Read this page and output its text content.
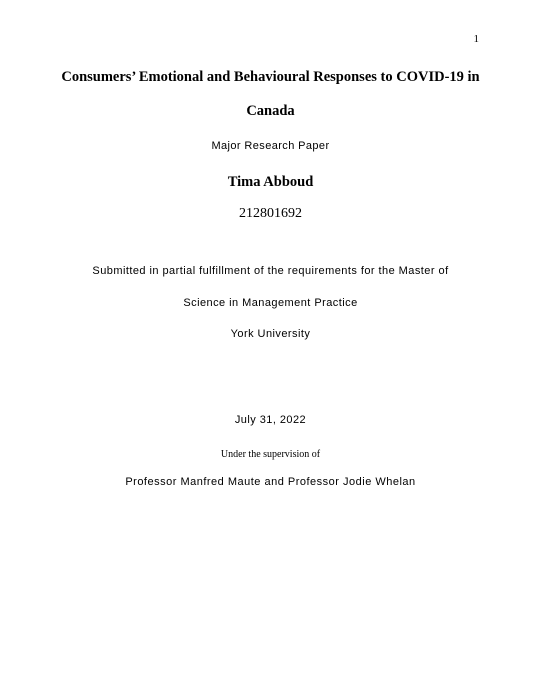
1
Consumers’ Emotional and Behavioural Responses to COVID-19 in
Canada
Major Research Paper
Tima Abboud
212801692
Submitted in partial fulfillment of the requirements for the Master of
Science in Management Practice
York University
July 31, 2022
Under the supervision of
Professor Manfred Maute and Professor Jodie Whelan
